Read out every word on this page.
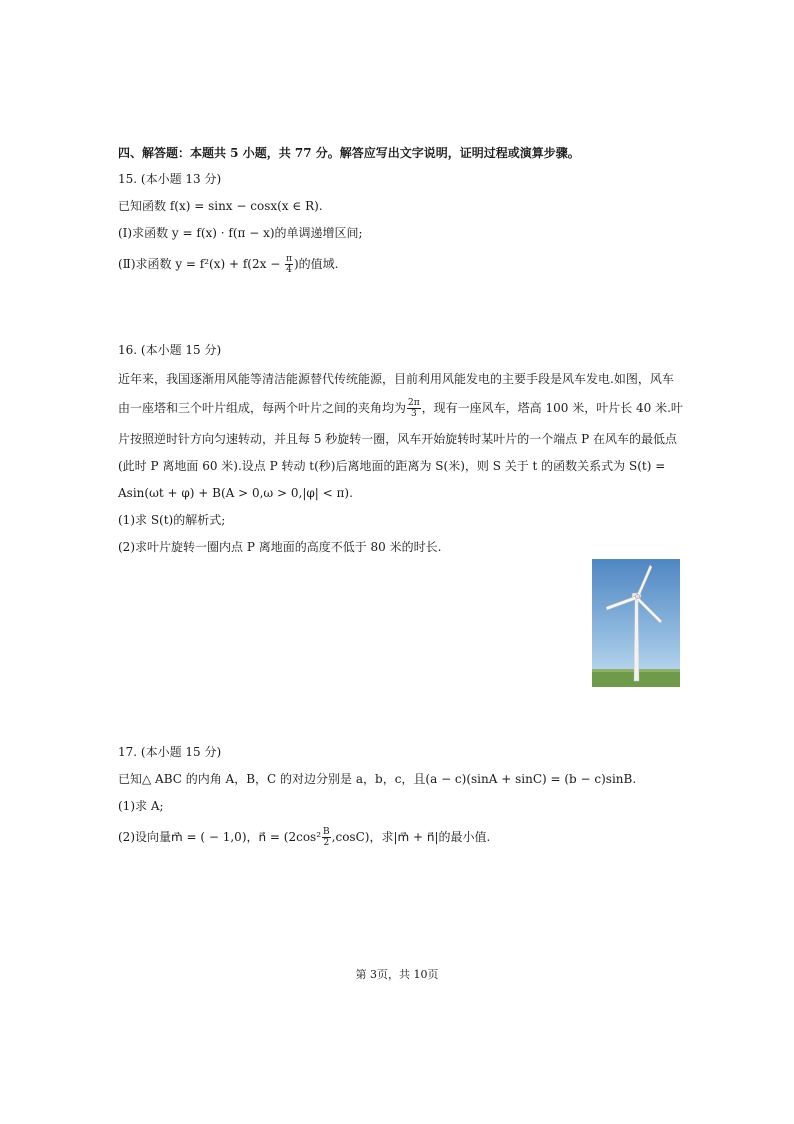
四、解答题：本题共 5 小题，共 77 分。解答应写出文字说明，证明过程或演算步骤。
15. (本小题 13 分)
已知函数 f(x) = sinx − cosx(x ∈ R).
(Ⅰ)求函数 y = f(x) · f(π − x)的单调递增区间;
(Ⅱ)求函数 $y = f^2(x) + f(2x - \frac{\pi}{4}$ )的值域.
16. (本小题 15 分)
近年来，我国逐渐用风能等清洁能源替代传统能源，目前利用风能发电的主要手段是风车发电.如图，风车
由一座塔和三个叶片组成，每两个叶片之间的夹角均为 $\frac{2\pi}{3}$ ，现有一座风车，塔高 100 米，叶片长 40 米.叶
片按照逆时针方向匀速转动，并且每 5 秒旋转一圈，风车开始旋转时某叶片的一个端点 P 在风车的最低点
(此时 P 离地面 60 米).设点 P 转动 t(秒)后离地面的距离为 S(米)，则 S 关于 t 的函数关系式为 S(t) =
Asin(ωt + φ) + B(A > 0,ω > 0,|φ| < π).
(1)求 S(t)的解析式;
(2)求叶片旋转一圈内点 P 离地面的高度不低于 80 米的时长.
17. (本小题 15 分)
已知△ ABC 的内角 A，B，C 的对边分别是 a，b，c，且(a − c)(sinA + sinC) = (b − c)sinB.
(1)求 A;
(2)设向量m⃗ = ( − 1,0)，n⃗ = $(2\cos^2 \frac{B}{2} ,\cos C)$，求|m⃗ + n⃗|的最小值.
第 3页，共 10页
